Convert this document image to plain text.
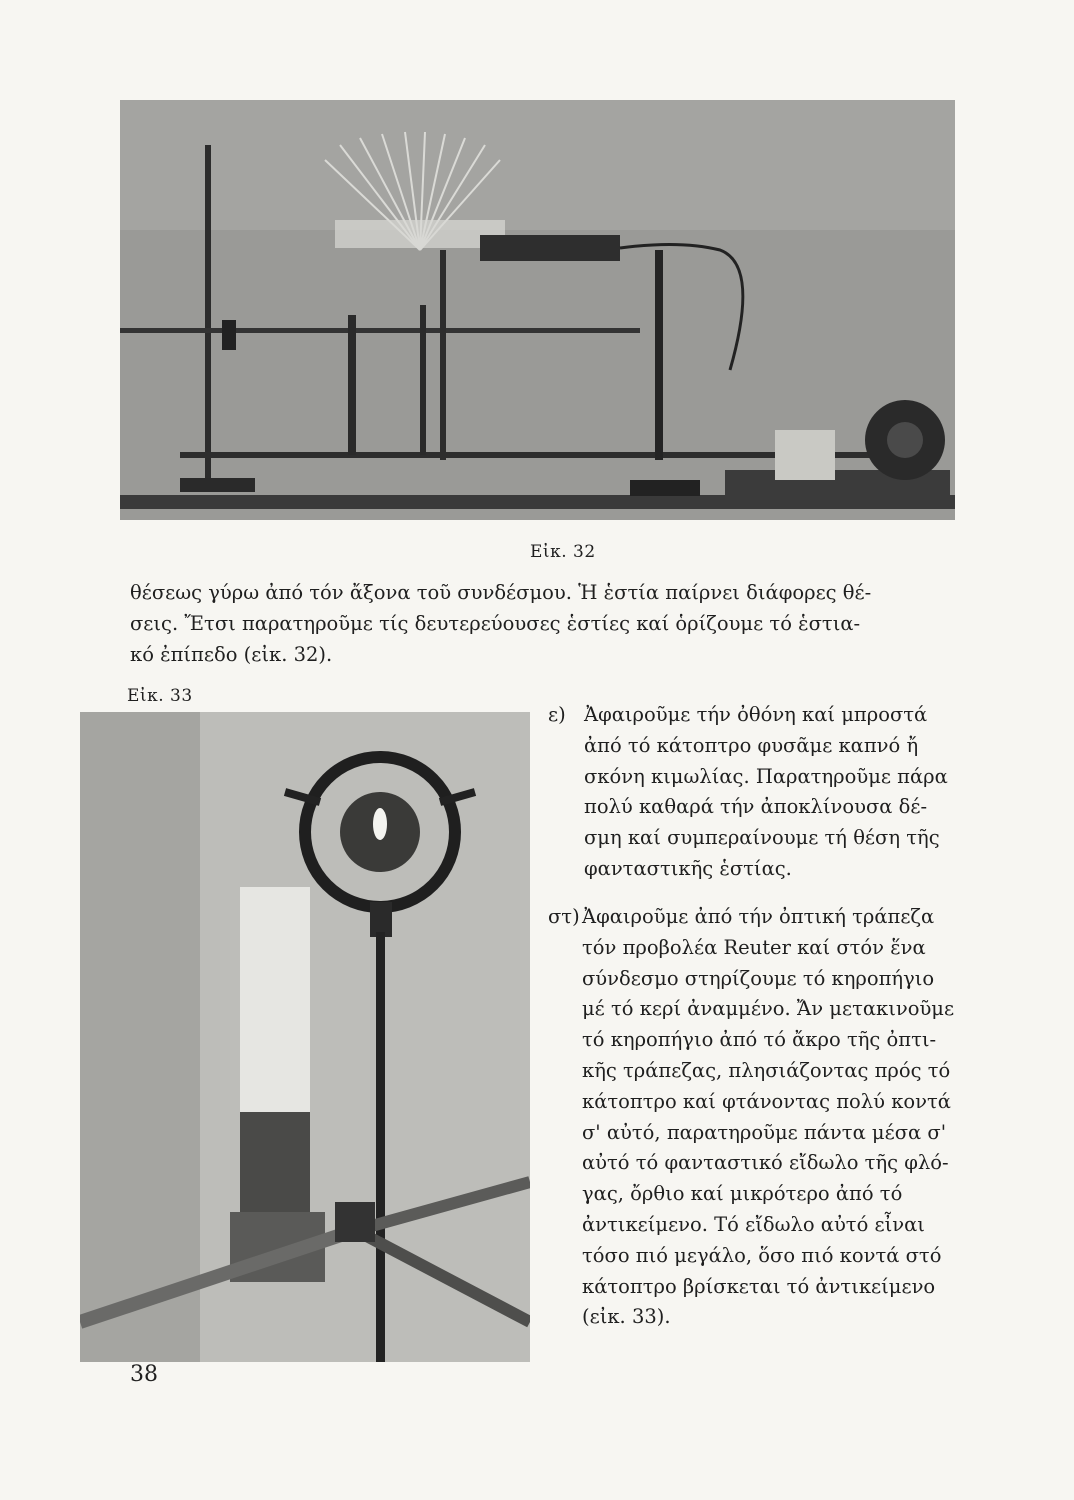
Εἰκ. 32
θέσεως γύρω ἀπό τόν ἄξονα τοῦ συνδέσμου. Ἡ ἑστία παίρνει διάφορες θέ-
σεις. Ἔτσι παρατηροῦμε τίς δευτερεύουσες ἑστίες καί ὁρίζουμε τό ἑστια-
κό ἐπίπεδο (εἰκ. 32).
Εἰκ. 33
ε) Ἀφαιροῦμε τήν ὀθόνη καί μπροστά
ἀπό τό κάτοπτρο φυσᾶμε καπνό ἤ
σκόνη κιμωλίας. Παρατηροῦμε πάρα
πολύ καθαρά τήν ἀποκλίνουσα δέ-
σμη καί συμπεραίνουμε τή θέση τῆς
φανταστικῆς ἑστίας.
στ) Ἀφαιροῦμε ἀπό τήν ὀπτική τράπεζα
τόν προβολέα Reuter καί στόν ἕνα
σύνδεσμο στηρίζουμε τό κηροπήγιο
μέ τό κερί ἀναμμένο. Ἄν μετακινοῦμε
τό κηροπήγιο ἀπό τό ἄκρο τῆς ὀπτι-
κῆς τράπεζας, πλησιάζοντας πρός τό
κάτοπτρο καί φτάνοντας πολύ κοντά
σ' αὐτό, παρατηροῦμε πάντα μέσα σ'
αὐτό τό φανταστικό εἴδωλο τῆς φλό-
γας, ὄρθιο καί μικρότερο ἀπό τό
ἀντικείμενο. Τό εἴδωλο αὐτό εἶναι
τόσο πιό μεγάλο, ὅσο πιό κοντά στό
κάτοπτρο βρίσκεται τό ἀντικείμενο
(εἰκ. 33).
38
